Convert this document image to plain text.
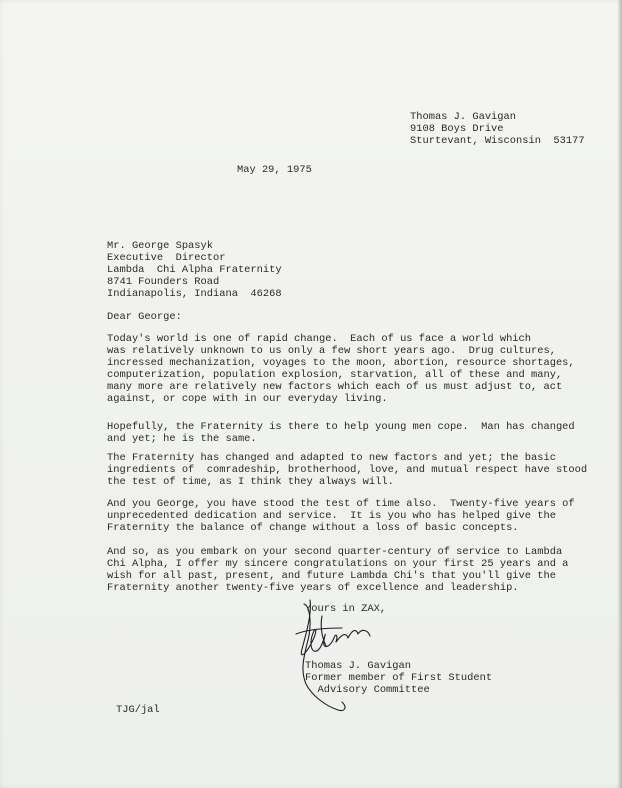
Thomas J. Gavigan
9108 Boys Drive
Sturtevant, Wisconsin  53177
May 29, 1975
Mr. George Spasyk
Executive  Director
Lambda  Chi Alpha Fraternity
8741 Founders Road
Indianapolis, Indiana  46268
Dear George:
Today's world is one of rapid change.  Each of us face a world which
was relatively unknown to us only a few short years ago.  Drug cultures,
incressed mechanization, voyages to the moon, abortion, resource shortages,
computerization, population explosion, starvation, all of these and many,
many more are relatively new factors which each of us must adjust to, act
against, or cope with in our everyday living.
Hopefully, the Fraternity is there to help young men cope.  Man has changed
and yet; he is the same.
The Fraternity has changed and adapted to new factors and yet; the basic
ingredients of  comradeship, brotherhood, love, and mutual respect have stood
the test of time, as I think they always will.
And you George, you have stood the test of time also.  Twenty-five years of
unprecedented dedication and service.  It is you who has helped give the
Fraternity the balance of change without a loss of basic concepts.
And so, as you embark on your second quarter-century of service to Lambda
Chi Alpha, I offer my sincere congratulations on your first 25 years and a
wish for all past, present, and future Lambda Chi's that you'll give the
Fraternity another twenty-five years of excellence and leadership.
Yours in ZAX,
Thomas J. Gavigan
Former member of First Student
Advisory Committee
TJG/jal
